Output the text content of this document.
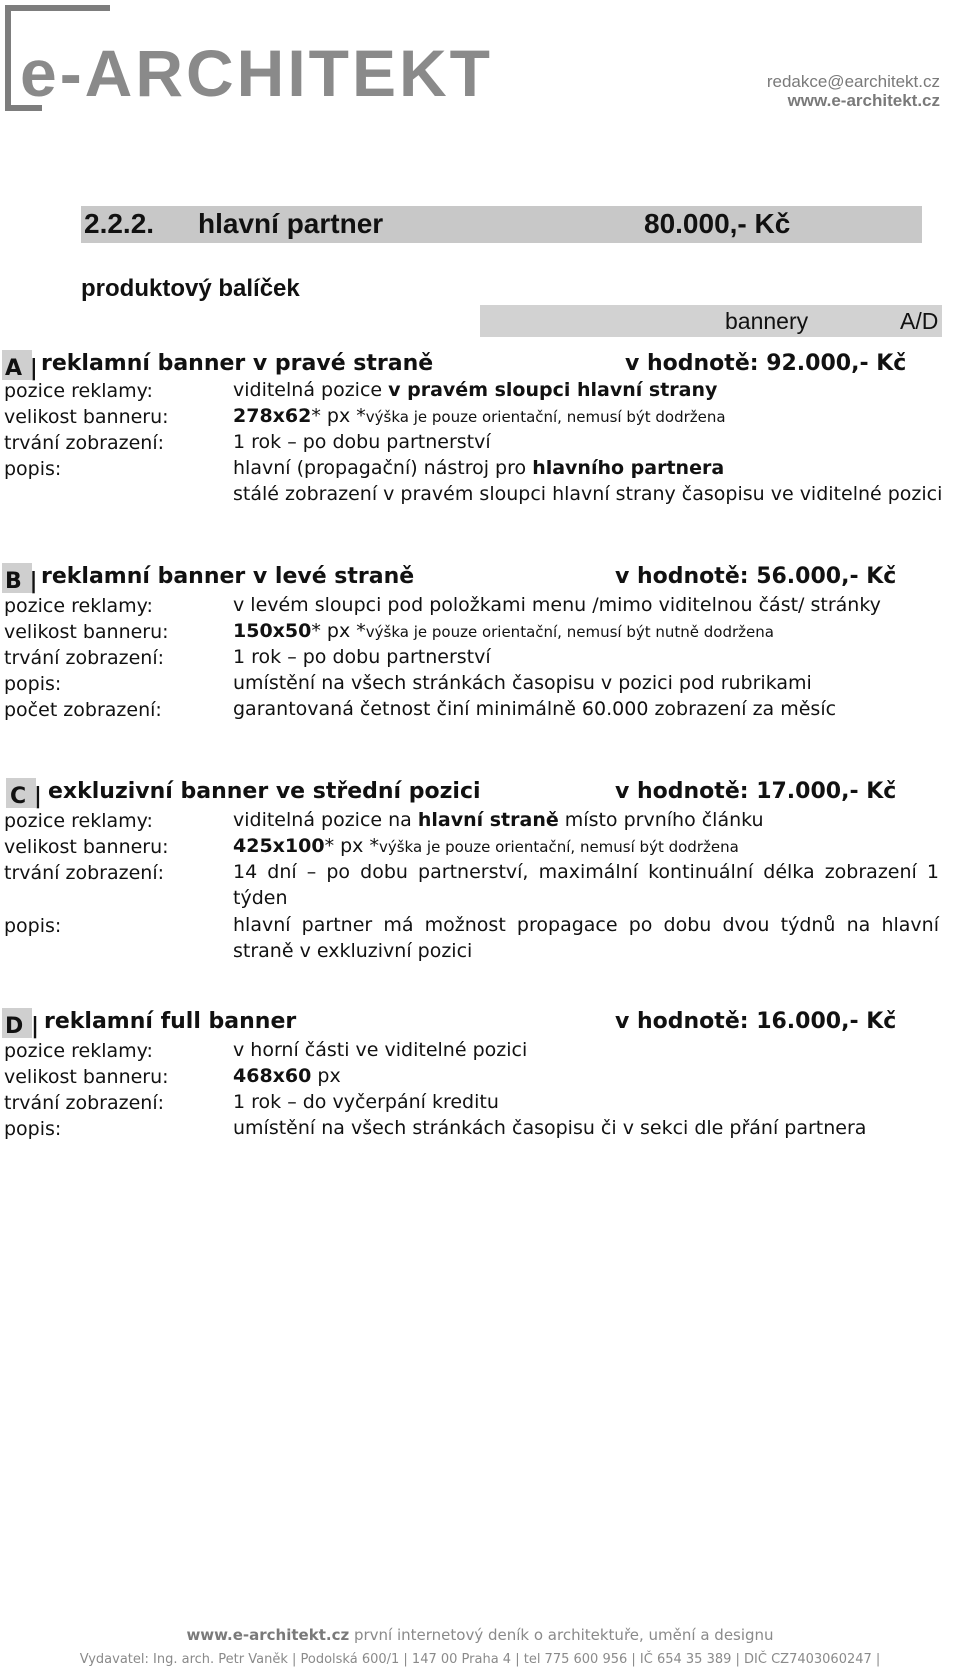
e-ARCHITEKT	redakce@earchitekt.cz
www.e-architekt.cz
2.2.2. hlavní partner	80.000,- Kč
produktový balíček
bannery	A/D
A | reklamní banner v pravé straně	v hodnotě: 92.000,- Kč
pozice reklamy:	viditelná pozice v pravém sloupci hlavní strany
velikost banneru:	278x62* px *výška je pouze orientační, nemusí být dodržena
trvání zobrazení:	1 rok – po dobu partnerství
popis:	hlavní (propagační) nástroj pro hlavního partnera
stálé zobrazení v pravém sloupci hlavní strany časopisu ve viditelné pozici
B | reklamní banner v levé straně	v hodnotě: 56.000,- Kč
pozice reklamy:	v levém sloupci pod položkami menu /mimo viditelnou část/ stránky
velikost banneru:	150x50* px *výška je pouze orientační, nemusí být nutně dodržena
trvání zobrazení:	1 rok – po dobu partnerství
popis:	umístění na všech stránkách časopisu v pozici pod rubrikami
počet zobrazení:	garantovaná četnost činí minimálně 60.000 zobrazení za měsíc
C | exkluzivní banner ve střední pozici	v hodnotě: 17.000,- Kč
pozice reklamy:	viditelná pozice na hlavní straně místo prvního článku
velikost banneru:	425x100* px *výška je pouze orientační, nemusí být dodržena
trvání zobrazení:	14 dní – po dobu partnerství, maximální kontinuální délka zobrazení 1 týden
popis:	hlavní partner má možnost propagace po dobu dvou týdnů na hlavní straně v exkluzivní pozici
D | reklamní full banner	v hodnotě: 16.000,- Kč
pozice reklamy:	v horní části ve viditelné pozici
velikost banneru:	468x60 px
trvání zobrazení:	1 rok – do vyčerpání kreditu
popis:	umístění na všech stránkách časopisu či v sekci dle přání partnera
www.e-architekt.cz první internetový deník o architektuře, umění a designu
Vydavatel: Ing. arch. Petr Vaněk | Podolská 600/1 | 147 00 Praha 4 | tel 775 600 956 | IČ 654 35 389 | DIČ CZ7403060247 |
